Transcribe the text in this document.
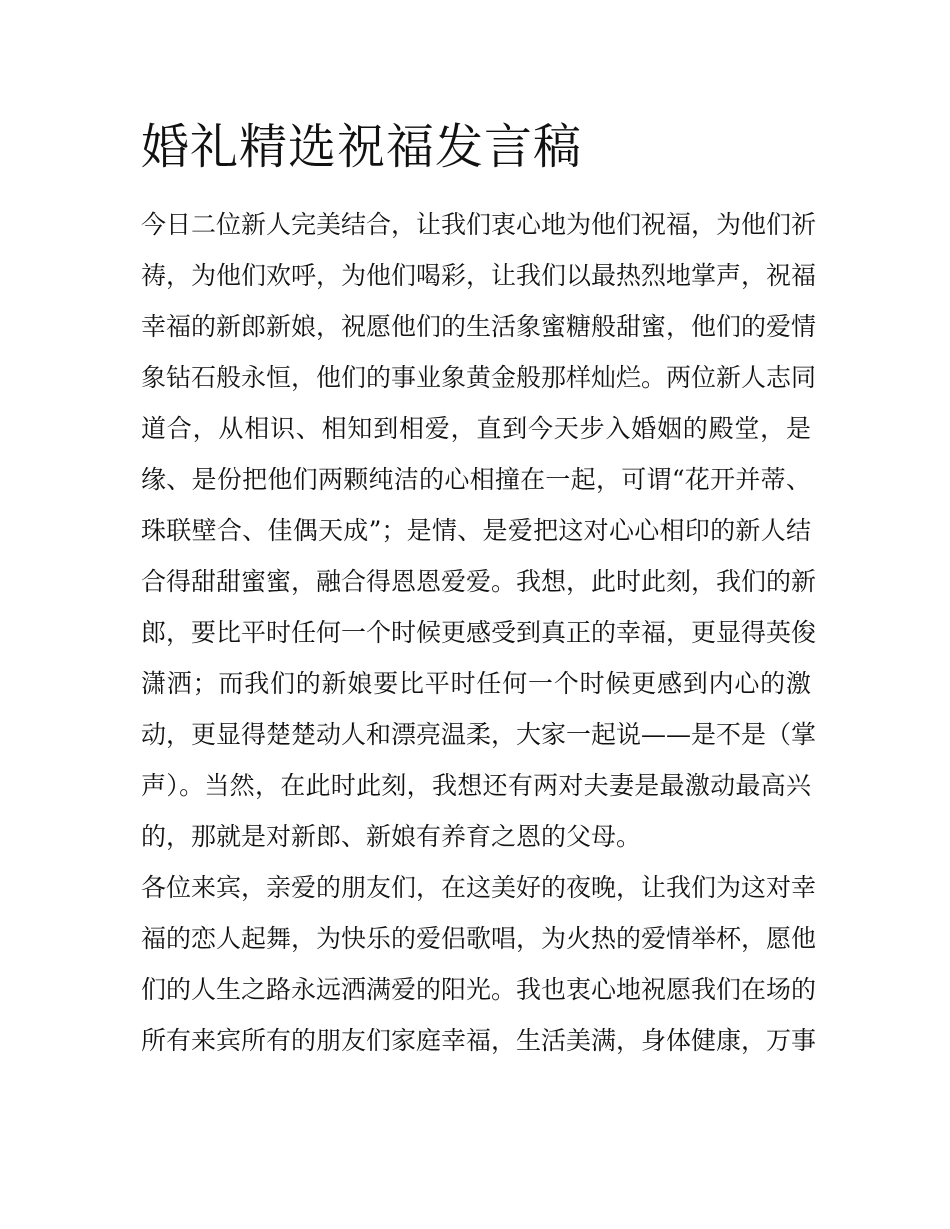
婚礼精选祝福发言稿
今日二位新人完美结合，让我们衷心地为他们祝福，为他们祈
祷，为他们欢呼，为他们喝彩，让我们以最热烈地掌声，祝福
幸福的新郎新娘，祝愿他们的生活象蜜糖般甜蜜，他们的爱情
象钻石般永恒，他们的事业象黄金般那样灿烂。两位新人志同
道合，从相识、相知到相爱，直到今天步入婚姻的殿堂，是
缘、是份把他们两颗纯洁的心相撞在一起，可谓“花开并蒂、
珠联壁合、佳偶天成”；是情、是爱把这对心心相印的新人结
合得甜甜蜜蜜，融合得恩恩爱爱。我想，此时此刻，我们的新
郎，要比平时任何一个时候更感受到真正的幸福，更显得英俊
潇洒；而我们的新娘要比平时任何一个时候更感到内心的激
动，更显得楚楚动人和漂亮温柔，大家一起说——是不是（掌
声）。当然，在此时此刻，我想还有两对夫妻是最激动最高兴
的，那就是对新郎、新娘有养育之恩的父母。
各位来宾，亲爱的朋友们，在这美好的夜晚，让我们为这对幸
福的恋人起舞，为快乐的爱侣歌唱，为火热的爱情举杯，愿他
们的人生之路永远洒满爱的阳光。我也衷心地祝愿我们在场的
所有来宾所有的朋友们家庭幸福，生活美满，身体健康，万事
